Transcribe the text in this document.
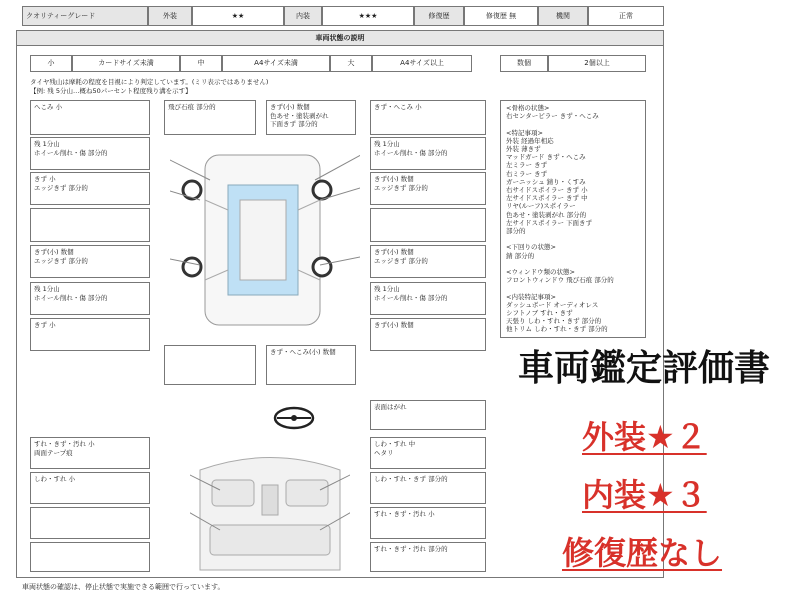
クオリティーグレード	外装	★★	内装	★★★	修復歴	修復歴 無	機関	正常
車両状態の説明
小	カードサイズ未満	中	A4サイズ未満	大	A4サイズ以上	数個	2個以上
タイヤ残山は摩耗の程度を目視により判定しています。(ミリ表示ではありません)
【例: 残 5分山…概ね50パーセント程度残り溝を示す】
へこみ 小	飛び石痕 部分的	きず(小) 数個
色あせ・塗装剥がれ
下面きず 部分的
きず・へこみ 小
残 1分山
ホイール削れ・傷 部分的
残 1分山
ホイール削れ・傷 部分的
きず 小
エッジきず 部分的
きず(小) 数個
エッジきず 部分的
きず(小) 数個
エッジきず 部分的
きず(小) 数個
エッジきず 部分的
残 1分山
ホイール削れ・傷 部分的
残 1分山
ホイール削れ・傷 部分的
きず 小	きず(小) 数個
きず・へこみ(小) 数個
表面はがれ
すれ・きず・汚れ 小
両面テープ痕
しわ・すれ 中
ヘタリ
しわ・すれ 小	しわ・すれ・きず 部分的
すれ・きず・汚れ 小
すれ・きず・汚れ 部分的
<骨格の状態>
右センターピラー きず・へこみ

<特記事項>
外装 経過年相応
外装 薄きず
マッドガード きず・へこみ
左ミラー きず
右ミラー きず
ガーニッシュ 錆り・くすみ
右サイドスポイラー きず 小
左サイドスポイラー きず 中
リヤ(ルーフ)スポイラー
色あせ・塗装剥がれ 部分的
左サイドスポイラー 下面きず
部分的

<下回りの状態>
錆 部分的

<ウィンドウ類の状態>
フロントウィンドウ 飛び石痕 部分的

<内装特記事項>
ダッシュボード オーディオレス
シフトノブ すれ・きず
天張り しわ・すれ・きず 部分的
他トリム しわ・すれ・きず 部分的
車両状態の確認は、停止状態で実施できる範囲で行っています。
車両鑑定評価書
外装★２
内装★３
修復歴なし
